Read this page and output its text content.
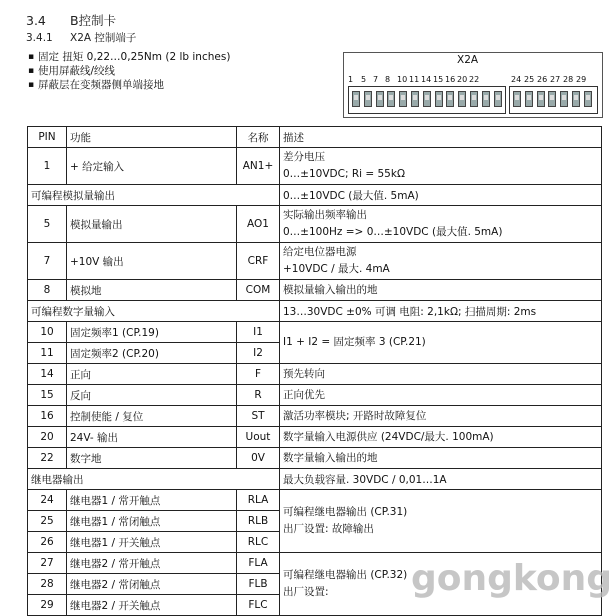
3.4 B控制卡
3.4.1 X2A 控制端子
▪ 固定 扭矩 0,22…0,25Nm (2 lb inches)
▪ 使用屏蔽线/绞线
▪ 屏蔽层在变频器侧单端接地
X2A
1 5 7 8 10 11 14 15 16 20 22	24 25 26 27 28 29
PIN	功能	名称	描述
1	+ 给定输入	AN1+	差分电压
0…±10VDC; Ri = 55kΩ

可编程模拟量输出			0…±10VDC (最大值. 5mA)
5	模拟量输出	AO1	实际输出频率输出
0…±100Hz => 0…±10VDC (最大值. 5mA)

7	+10V 输出	CRF	给定电位器电源
+10VDC / 最大. 4mA

8	模拟地	COM	模拟量输入输出的地

可编程数字量输入			13…30VDC ±0% 可调 电阻: 2,1kΩ; 扫描周期: 2ms
10	固定频率1 (CP.19)	I1	I1 + I2 = 固定频率 3 (CP.21)

11	固定频率2 (CP.20)	I2	
14	正向	F	预先转向

15	反向	R	正向优先

16	控制使能 / 复位	ST	激活功率模块; 开路时故障复位

20	24V- 输出	Uout	数字量输入电源供应 (24VDC/最大. 100mA)

22	数字地	0V	数字量输入输出的地

继电器输出			最大负载容量. 30VDC / 0,01…1A
24	继电器1 / 常开触点	RLA	可编程继电器输出 (CP.31)
出厂设置: 故障输出

25	继电器1 / 常闭触点	RLB	
26	继电器1 / 开关触点	RLC	
27	继电器2 / 常开触点	FLA	可编程继电器输出 (CP.32)
出厂设置:

28	继电器2 / 常闭触点	FLB	
29	继电器2 / 开关触点	FLC	
gongkong
